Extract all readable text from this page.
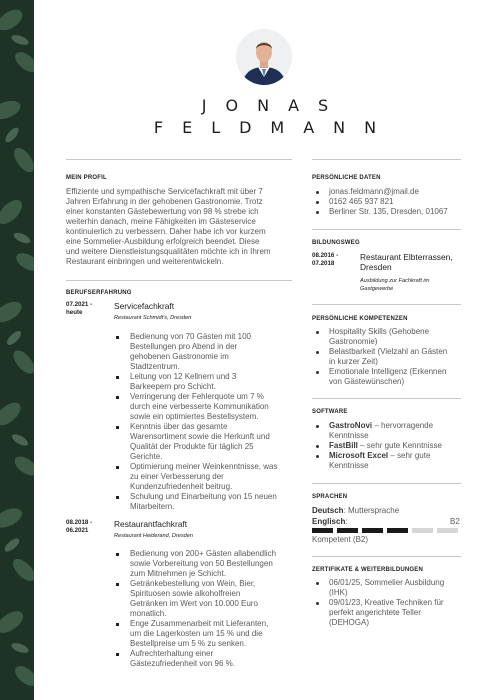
JONAS
FELDMANN
MEIN PROFIL
Effiziente und sympathische Servicefachkraft mit über 7
Jahren Erfahrung in der gehobenen Gastronomie. Trotz
einer konstanten Gästebewertung von 98 % strebe ich
weiterhin danach, meine Fähigkeiten im Gästeservice
kontinuierlich zu verbessern. Daher habe ich vor kurzem
eine Sommelier-Ausbildung erfolgreich beendet. Diese
und weitere Dienstleistungsqualitäten möchte ich in Ihrem
Restaurant einbringen und weiterentwickeln.
BERUFSERFAHRUNG
07.2021 -
heute
Servicefachkraft
Restaurant Schmidt's, Dresden
Bedienung von 70 Gästen mit 100
Bestellungen pro Abend in der
gehobenen Gastronomie im
Stadtzentrum.
Leitung von 12 Kellnern und 3
Barkeepern pro Schicht.
Verringerung der Fehlerquote um 7 %
durch eine verbesserte Kommunikation
sowie ein optimiertes Bestellsystem.
Kenntnis über das gesamte
Warensortiment sowie die Herkunft und
Qualität der Produkte für täglich 25
Gerichte.
Optimierung meiner Weinkenntnisse, was
zu einer Verbesserung der
Kundenzufriedenheit beitrug.
Schulung und Einarbeitung von 15 neuen
Mitarbeitern.
08.2018 -
06.2021
Restaurantfachkraft
Restaurant Heiderand, Dresden
Bedienung von 200+ Gästen allabendlich
sowie Vorbereitung von 50 Bestellungen
zum Mitnehmen je Schicht.
Getränkebestellung von Wein, Bier,
Spirituosen sowie alkoholfreien
Getränken im Wert von 10.000 Euro
monatlich.
Enge Zusammenarbeit mit Lieferanten,
um die Lagerkosten um 15 % und die
Bestellpreise um 5 % zu senken.
Aufrechterhaltung einer
Gästezufriedenheit von 96 %.
PERSÖNLICHE DATEN
jonas.feldmann@jmail.de
0162 465 937 821
Berliner Str. 135, Dresden, 01067
BILDUNGSWEG
08.2016 -
07.2018
Restaurant Elbterrassen,
Dresden
Ausbildung zur Fachkraft im
Gastgewerbe
PERSÖNLICHE KOMPETENZEN
Hospitality Skills (Gehobene
Gastronomie)
Belastbarkeit (Vielzahl an Gästen
in kurzer Zeit)
Emotionale Intelligenz (Erkennen
von Gästewünschen)
SOFTWARE
GastroNovi – hervorragende
Kenntnisse
FastBill – sehr gute Kenntnisse
Microsoft Excel – sehr gute
Kenntnisse
SPRACHEN
Deutsch: Muttersprache
Englisch:	B2
Kompetent (B2)
ZERTIFIKATE & WEITERBILDUNGEN
06/01/25, Sommelier Ausbildung
(IHK)
09/01/23, Kreative Techniken für
perfekt angerichtete Teller
(DEHOGA)
